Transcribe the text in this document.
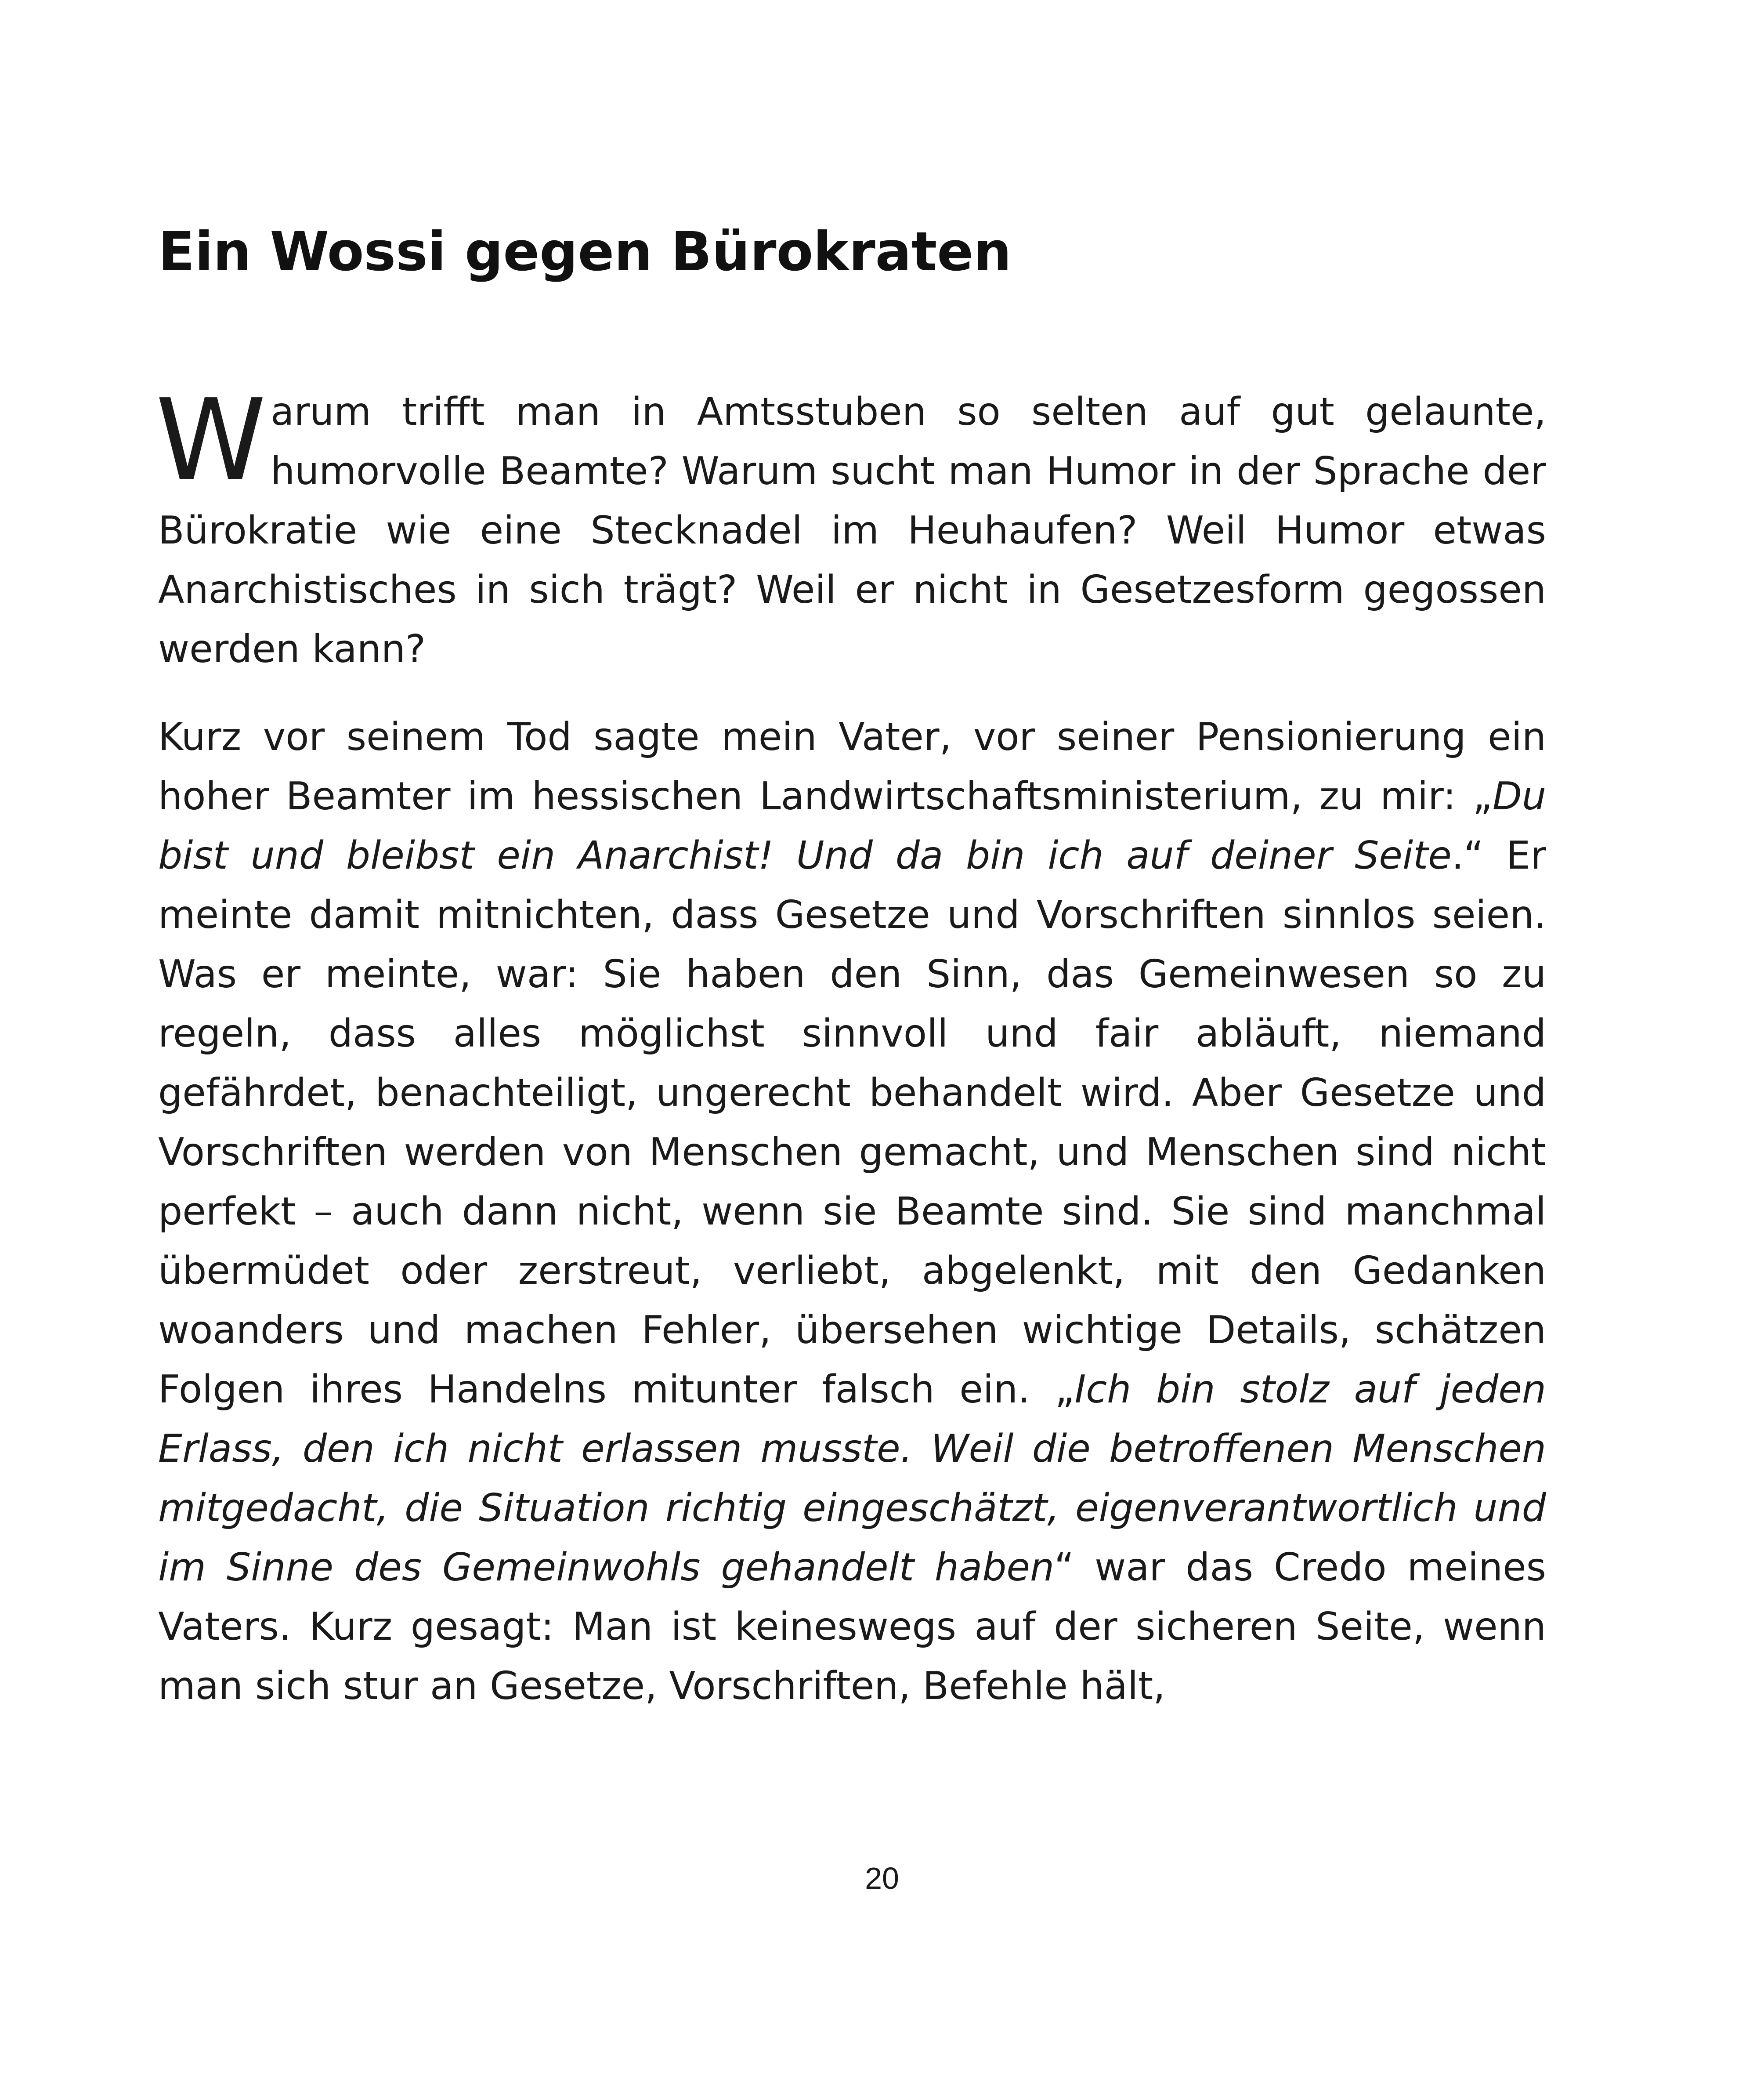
Ein Wossi gegen Bürokraten

Warum trifft man in Amtsstuben so selten auf gut gelaunte, humorvolle Beamte? Warum sucht man Humor in der Sprache der Bürokratie wie eine Stecknadel im Heuhaufen? Weil Humor etwas Anarchistisches in sich trägt? Weil er nicht in Gesetzesform gegossen werden kann?

Kurz vor seinem Tod sagte mein Vater, vor seiner Pensionierung ein hoher Beamter im hessischen Landwirtschaftsministerium, zu mir: „Du bist und bleibst ein Anarchist! Und da bin ich auf deiner Seite.“ Er meinte damit mitnichten, dass Gesetze und Vorschriften sinnlos seien. Was er meinte, war: Sie haben den Sinn, das Gemeinwesen so zu regeln, dass alles möglichst sinnvoll und fair abläuft, niemand gefährdet, benachteiligt, ungerecht behandelt wird. Aber Gesetze und Vorschriften werden von Menschen gemacht, und Menschen sind nicht perfekt – auch dann nicht, wenn sie Beamte sind. Sie sind manchmal übermüdet oder zerstreut, verliebt, abgelenkt, mit den Gedanken woanders und machen Fehler, übersehen wichtige Details, schätzen Folgen ihres Handelns mitunter falsch ein. „Ich bin stolz auf jeden Erlass, den ich nicht erlassen musste. Weil die betroffenen Menschen mitgedacht, die Situation richtig eingeschätzt, eigenverantwortlich und im Sinne des Gemeinwohls gehandelt haben“ war das Credo meines Vaters. Kurz gesagt: Man ist keineswegs auf der sicheren Seite, wenn man sich stur an Gesetze, Vorschriften, Befehle hält,

20
